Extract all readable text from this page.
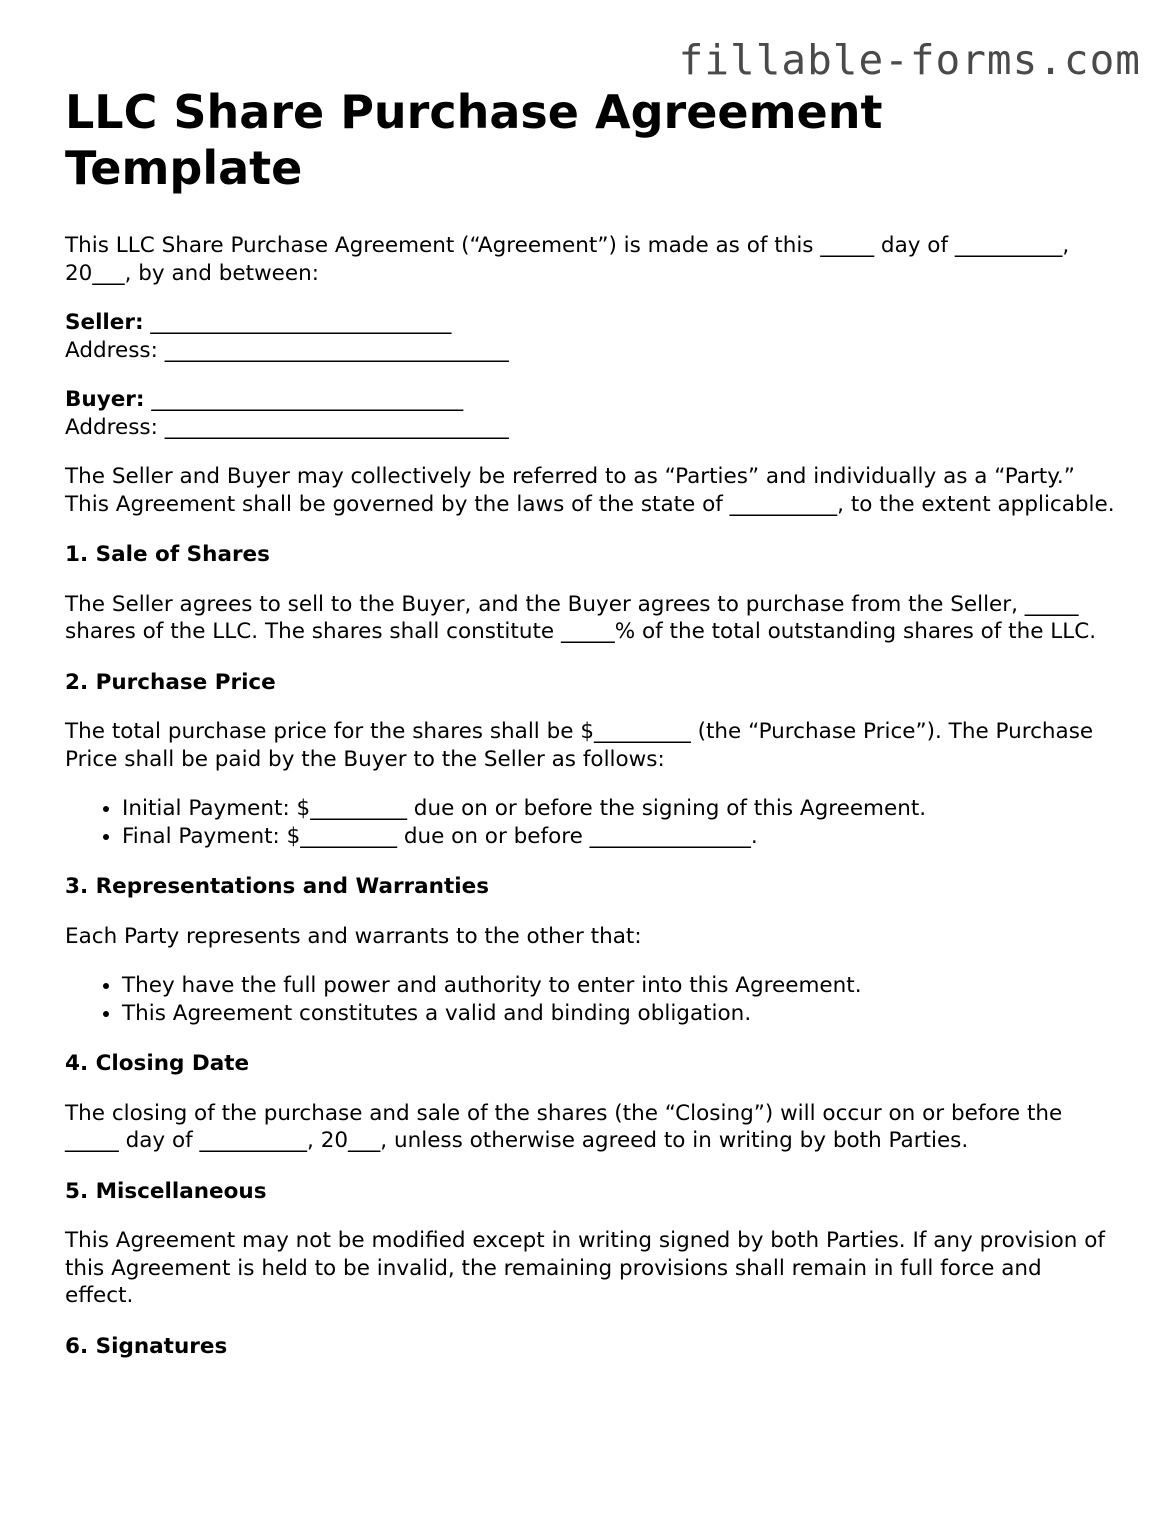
fillable-forms.com
LLC Share Purchase Agreement Template

This LLC Share Purchase Agreement (“Agreement”) is made as of this _____ day of __________, 20___, by and between:

Seller: ____________________________
Address: ________________________________
Buyer: _____________________________
Address: ________________________________

The Seller and Buyer may collectively be referred to as “Parties” and individually as a “Party.” This Agreement shall be governed by the laws of the state of __________, to the extent applicable.

1. Sale of Shares

The Seller agrees to sell to the Buyer, and the Buyer agrees to purchase from the Seller, _____ shares of the LLC. The shares shall constitute _____% of the total outstanding shares of the LLC.

2. Purchase Price

The total purchase price for the shares shall be $_________ (the “Purchase Price”). The Purchase Price shall be paid by the Buyer to the Seller as follows:

• Initial Payment: $_________ due on or before the signing of this Agreement.
• Final Payment: $_________ due on or before _______________.
3. Representations and Warranties

Each Party represents and warrants to the other that:

• They have the full power and authority to enter into this Agreement.
• This Agreement constitutes a valid and binding obligation.
4. Closing Date

The closing of the purchase and sale of the shares (the “Closing”) will occur on or before the _____ day of __________, 20___, unless otherwise agreed to in writing by both Parties.

5. Miscellaneous

This Agreement may not be modified except in writing signed by both Parties. If any provision of this Agreement is held to be invalid, the remaining provisions shall remain in full force and effect.

6. Signatures
